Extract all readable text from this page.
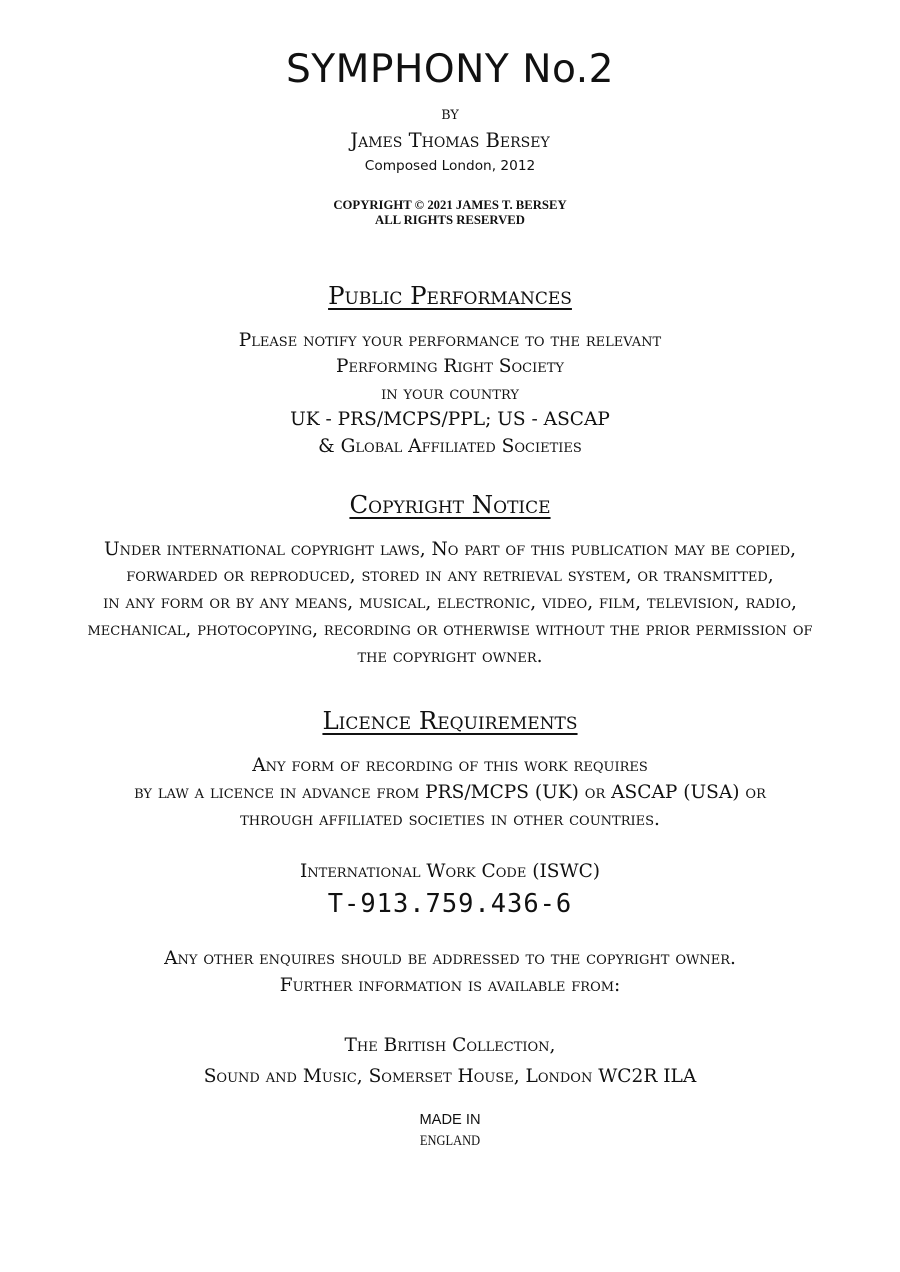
SYMPHONY No.2
BY
James Thomas Bersey
Composed London, 2012
COPYRIGHT © 2021 JAMES T. BERSEY
ALL RIGHTS RESERVED
Public Performances
Please notify your performance to the relevant
Performing Right Society
in your country
UK - PRS/MCPS/PPL; US - ASCAP
& Global Affiliated Societies
Copyright Notice
Under international copyright laws, No part of this publication may be copied,
forwarded or reproduced, stored in any retrieval system, or transmitted,
in any form or by any means, musical, electronic, video, film, television, radio,
mechanical, photocopying, recording or otherwise without the prior permission of
the copyright owner.
Licence Requirements
Any form of recording of this work requires
by law a licence in advance from PRS/MCPS (UK) or ASCAP (USA) or
through affiliated societies in other countries.
International Work Code (ISWC)
T-913.759.436-6
Any other enquires should be addressed to the copyright owner.
Further information is available from:
The British Collection,
Sound and Music, Somerset House, London WC2R ILA
MADE IN
ENGLAND
